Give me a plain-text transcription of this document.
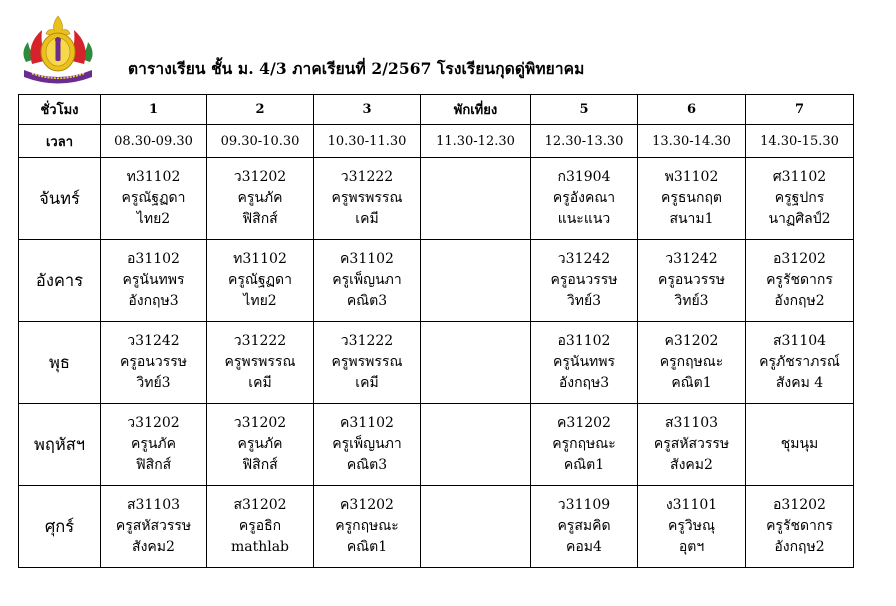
ตารางเรียน ชั้น ม. 4/3 ภาคเรียนที่ 2/2567 โรงเรียนกุดดู่พิทยาคม
ชั่วโมง	1	2	3	พักเที่ยง	5	6	7
เวลา	08.30-09.30	09.30-10.30	10.30-11.30	11.30-12.30	12.30-13.30	13.30-14.30	14.30-15.30
จันทร์	ท31102
ครูณัฐฏดา
ไทย2	ว31202
ครูนภัค
ฟิสิกส์	ว31222
ครูพรพรรณ
เคมี		ก31904
ครูอังคณา
แนะแนว	พ31102
ครูธนกฤต
สนาม1	ศ31102
ครูฐปกร
นาฏศิลป์2

อังคาร	อ31102
ครูนันทพร
อังกฤษ3	ท31102
ครูณัฐฏดา
ไทย2	ค31102
ครูเพ็ญนภา
คณิต3		ว31242
ครูอนวรรษ
วิทย์3	ว31242
ครูอนวรรษ
วิทย์3	อ31202
ครูรัชดากร
อังกฤษ2

พุธ	ว31242
ครูอนวรรษ
วิทย์3	ว31222
ครูพรพรรณ
เคมี	ว31222
ครูพรพรรณ
เคมี		อ31102
ครูนันทพร
อังกฤษ3	ค31202
ครูกฤษณะ
คณิต1	ส31104
ครูภัชราภรณ์
สังคม 4

พฤหัสฯ	ว31202
ครูนภัค
ฟิสิกส์	ว31202
ครูนภัค
ฟิสิกส์	ค31102
ครูเพ็ญนภา
คณิต3		ค31202
ครูกฤษณะ
คณิต1	ส31103
ครูสหัสวรรษ
สังคม2	ชุมนุม

ศุกร์	ส31103
ครูสหัสวรรษ
สังคม2	ส31202
ครูอธิก
mathlab	ค31202
ครูกฤษณะ
คณิต1		ว31109
ครูสมคิด
คอม4	ง31101
ครูวิษณุ
อุตฯ	อ31202
ครูรัชดากร
อังกฤษ2
